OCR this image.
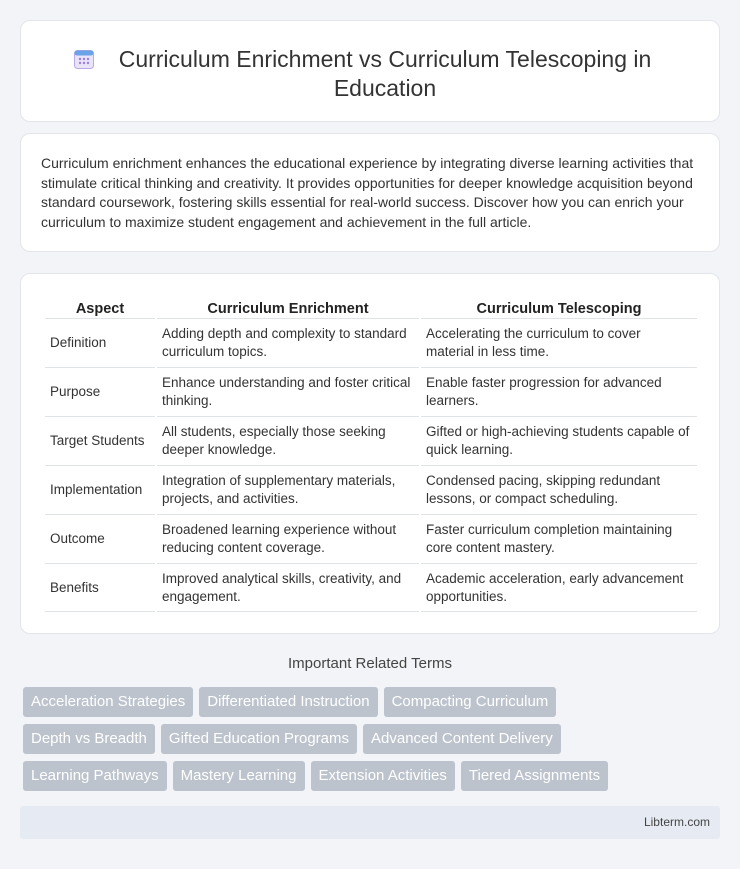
Curriculum Enrichment vs Curriculum Telescoping in Education

Curriculum enrichment enhances the educational experience by integrating diverse learning activities that stimulate critical thinking and creativity. It provides opportunities for deeper knowledge acquisition beyond standard coursework, fostering skills essential for real-world success. Discover how you can enrich your curriculum to maximize student engagement and achievement in the full article.

Aspect	Curriculum Enrichment	Curriculum Telescoping
Definition	Adding depth and complexity to standard curriculum topics.	Accelerating the curriculum to cover material in less time.
Purpose	Enhance understanding and foster critical thinking.	Enable faster progression for advanced learners.
Target Students	All students, especially those seeking deeper knowledge.	Gifted or high-achieving students capable of quick learning.
Implementation	Integration of supplementary materials, projects, and activities.	Condensed pacing, skipping redundant lessons, or compact scheduling.
Outcome	Broadened learning experience without reducing content coverage.	Faster curriculum completion maintaining core content mastery.
Benefits	Improved analytical skills, creativity, and engagement.	Academic acceleration, early advancement opportunities.
Important Related Terms
Acceleration Strategies	Differentiated Instruction	Compacting Curriculum
Depth vs Breadth	Gifted Education Programs	Advanced Content Delivery
Learning Pathways	Mastery Learning	Extension Activities	Tiered Assignments
Libterm.com
